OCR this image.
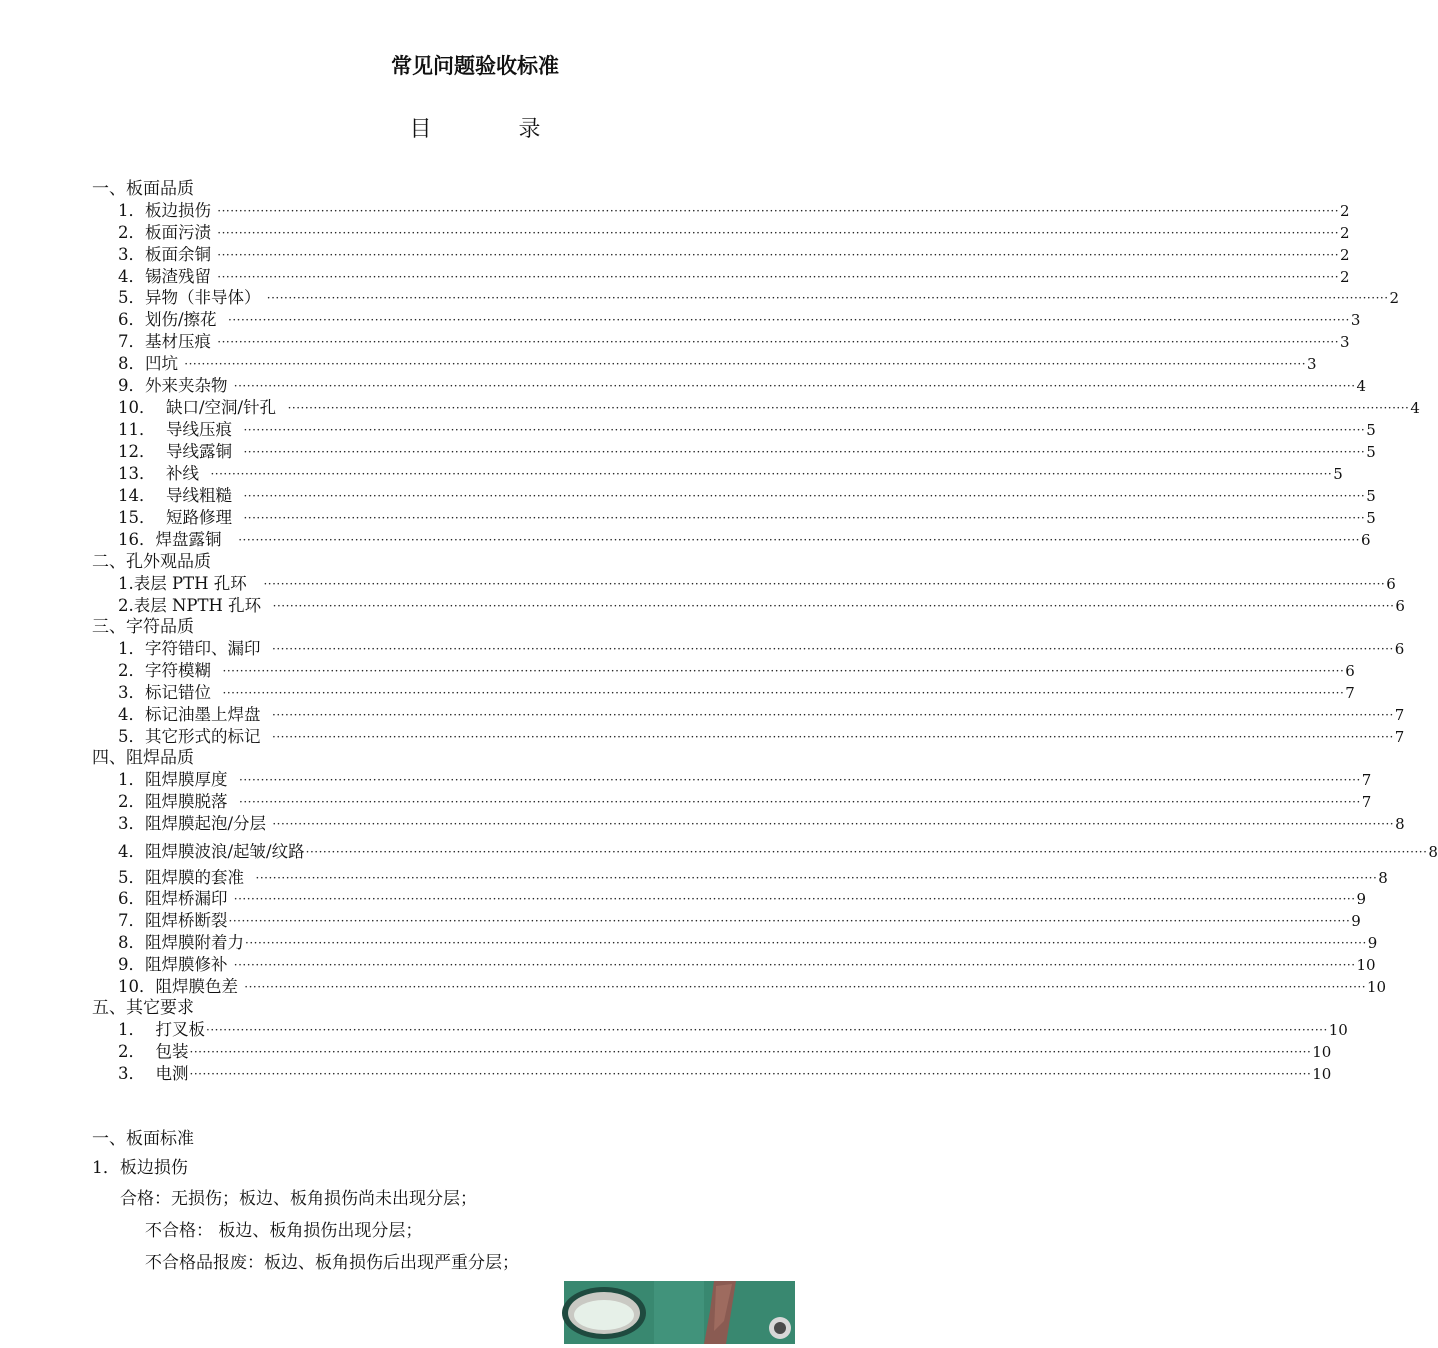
常见问题验收标准
目 录
一、板面品质
1．板边损伤 ···································································································································································································································································· 2
2．板面污渍 ···································································································································································································································································· 2
3．板面余铜 ···································································································································································································································································· 2
4．锡渣残留 ···································································································································································································································································· 2
5．异物（非导体） ···································································································································································································································································· 2
6．划伤/擦花 ···································································································································································································································································· 3
7．基材压痕 ···································································································································································································································································· 3
8．凹坑 ···································································································································································································································································· 3
9．外来夹杂物 ···································································································································································································································································· 4
10．  缺口/空洞/针孔 ···································································································································································································································································· 4
11．  导线压痕 ···································································································································································································································································· 5
12．  导线露铜 ···································································································································································································································································· 5
13．  补线 ···································································································································································································································································· 5
14．  导线粗糙 ···································································································································································································································································· 5
15．  短路修理 ···································································································································································································································································· 5
16．焊盘露铜 ···································································································································································································································································· 6
二、孔外观品质
1.表层 PTH 孔环 ···································································································································································································································································· 6
2.表层 NPTH 孔环 ···································································································································································································································································· 6
三、字符品质
1．字符错印、漏印 ···································································································································································································································································· 6
2．字符模糊 ···································································································································································································································································· 6
3．标记错位 ···································································································································································································································································· 7
4．标记油墨上焊盘 ···································································································································································································································································· 7
5．其它形式的标记 ···································································································································································································································································· 7
四、阻焊品质
1．阻焊膜厚度 ···································································································································································································································································· 7
2．阻焊膜脱落 ···································································································································································································································································· 7
3．阻焊膜起泡/分层 ···································································································································································································································································· 8
4．阻焊膜波浪/起皱/纹路 ···································································································································································································································································· 8
5．阻焊膜的套准 ···································································································································································································································································· 8
6．阻焊桥漏印 ···································································································································································································································································· 9
7．阻焊桥断裂 ···································································································································································································································································· 9
8．阻焊膜附着力 ···································································································································································································································································· 9
9．阻焊膜修补 ···································································································································································································································································· 10
10．阻焊膜色差 ···································································································································································································································································· 10
五、其它要求
1．  打叉板 ···································································································································································································································································· 10
2．  包装 ···································································································································································································································································· 10
3．  电测 ···································································································································································································································································· 10
一、板面标准
1．板边损伤
合格：无损伤；板边、板角损伤尚未出现分层；
不合格： 板边、板角损伤出现分层；
不合格品报废：板边、板角损伤后出现严重分层；
